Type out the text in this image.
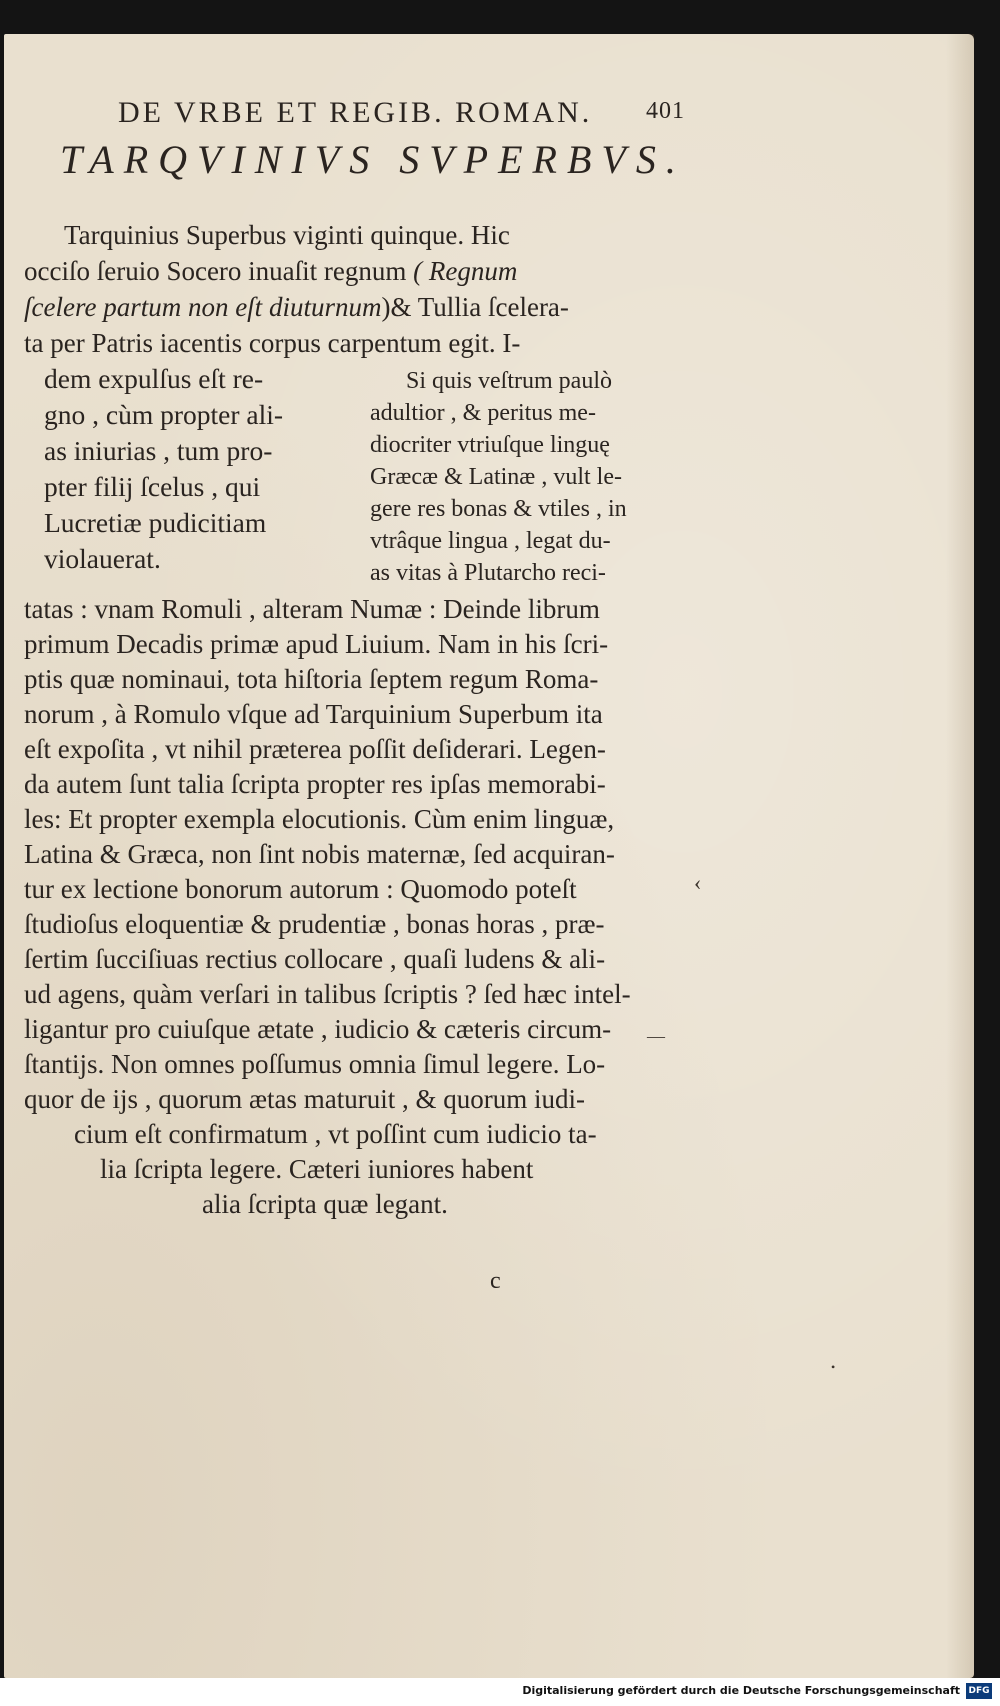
DE VRBE ET REGIB. ROMAN. 401
TARQVINIVS SVPERBVS.
Tarquinius Superbus viginti quinque. Hic
occiſo ſeruio Socero inuaſit regnum ( Regnum
ſcelere partum non eſt diuturnum)& Tullia ſcelera-
ta per Patris iacentis corpus carpentum egit. I-
dem expulſus eſt re-
gno , cùm propter ali-
as iniurias , tum pro-
pter filij ſcelus , qui
Lucretiæ pudicitiam
violauerat.
Si quis veſtrum paulò
adultior , & peritus me-
diocriter vtriuſque linguę
Græcæ & Latinæ , vult le-
gere res bonas & vtiles , in
vtrâque lingua , legat du-
as vitas à Plutarcho reci-
tatas : vnam Romuli , alteram Numæ : Deinde librum
primum Decadis primæ apud Liuium. Nam in his ſcri-
ptis quæ nominaui, tota hiſtoria ſeptem regum Roma-
norum , à Romulo vſque ad Tarquinium Superbum ita
eſt expoſita , vt nihil præterea poſſit deſiderari. Legen-
da autem ſunt talia ſcripta propter res ipſas memorabi-
les: Et propter exempla elocutionis. Cùm enim linguæ,
Latina & Græca, non ſint nobis maternæ, ſed acquiran-
tur ex lectione bonorum autorum : Quomodo poteſt
ſtudioſus eloquentiæ & prudentiæ , bonas horas , præ-
ſertim ſucciſiuas rectius collocare , quaſi ludens & ali-
ud agens, quàm verſari in talibus ſcriptis ? ſed hæc intel-
ligantur pro cuiuſque ætate , iudicio & cæteris circum-
ſtantijs. Non omnes poſſumus omnia ſimul legere. Lo-
quor de ijs , quorum ætas maturuit , & quorum iudi-
cium eſt confirmatum , vt poſſint cum iudicio ta-
lia ſcripta legere. Cæteri iuniores habent
alia ſcripta quæ legant.
c
‹
—
•
Digitalisierung gefördert durch die Deutsche Forschungsgemeinschaft DFG
